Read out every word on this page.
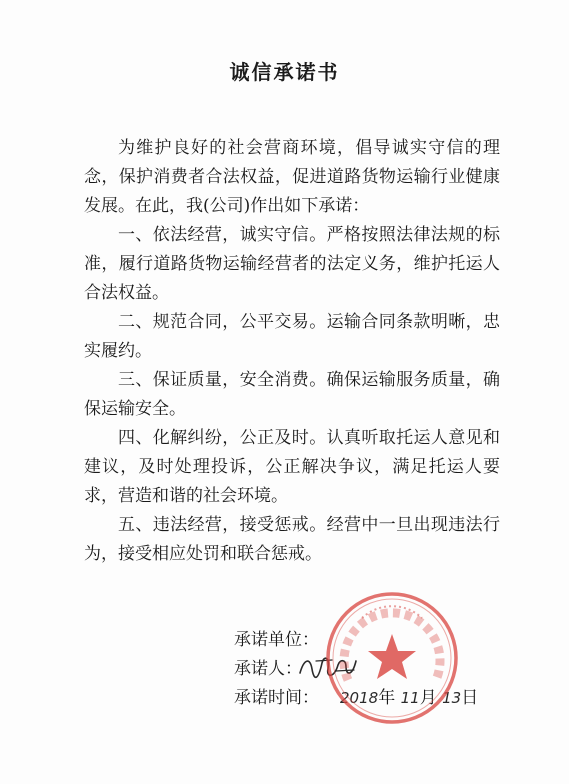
诚信承诺书

为维护良好的社会营商环境，倡导诚实守信的理念，保护消费者合法权益，促进道路货物运输行业健康发展。在此，我(公司)作出如下承诺：

一、依法经营，诚实守信。严格按照法律法规的标准，履行道路货物运输经营者的法定义务，维护托运人合法权益。

二、规范合同，公平交易。运输合同条款明晰，忠实履约。

三、保证质量，安全消费。确保运输服务质量，确保运输安全。

四、化解纠纷，公正及时。认真听取托运人意见和建议，及时处理投诉，公正解决争议，满足托运人要求，营造和谐的社会环境。

五、违法经营，接受惩戒。经营中一旦出现违法行为，接受相应处罚和联合惩戒。

承诺单位：
承诺人：
承诺时间： 2018年 11月 13日
